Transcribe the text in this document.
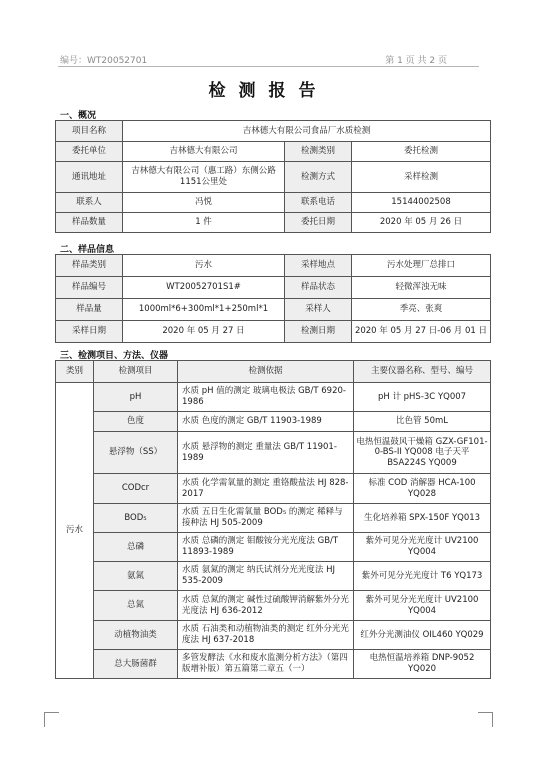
编号：WT20052701	第 1 页 共 2 页
检测报告
一、概况
项目名称	吉林德大有限公司食品厂水质检测		
委托单位	吉林德大有限公司	检测类别	委托检测
通讯地址	吉林德大有限公司（惠工路）东侧公路1151公里处	检测方式	采样检测
联系人	冯悦	联系电话	15144002508
样品数量	1 件	委托日期	2020 年 05 月 26 日
二、样品信息
样品类别	污水	采样地点	污水处理厂总排口
样品编号	WT20052701S1#	样品状态	轻微浑浊无味
样品量	1000ml*6+300ml*1+250ml*1	采样人	季亮、张爽
采样日期	2020 年 05 月 27 日	检测日期	2020 年 05 月 27 日-06 月 01 日
三、检测项目、方法、仪器
类别	检测项目	检测依据	主要仪器名称、型号、编号
污水	pH	水质 pH 值的测定 玻璃电极法 GB/T 6920-1986	pH 计 pHS-3C YQ007
	色度	水质 色度的测定 GB/T 11903-1989	比色管 50mL
	悬浮物（SS）	水质 悬浮物的测定 重量法 GB/T 11901-1989	电热恒温鼓风干燥箱 GZX-GF101-0-BS-II YQ008 电子天平 BSA224S YQ009
	CODcr	水质 化学需氧量的测定 重铬酸盐法 HJ 828-2017	标准 COD 消解器 HCA-100 YQ028
	BOD₅	水质 五日生化需氧量 BOD₅ 的测定 稀释与接种法 HJ 505-2009	生化培养箱 SPX-150F YQ013
	总磷	水质 总磷的测定 钼酸铵分光光度法 GB/T 11893-1989	紫外可见分光光度计 UV2100 YQ004
	氨氮	水质 氨氮的测定 纳氏试剂分光光度法 HJ 535-2009	紫外可见分光光度计 T6 YQ173
	总氮	水质 总氮的测定 碱性过硫酸钾消解紫外分光光度法 HJ 636-2012	紫外可见分光光度计 UV2100 YQ004
	动植物油类	水质 石油类和动植物油类的测定 红外分光光度法 HJ 637-2018	红外分光测油仪 OIL460 YQ029
	总大肠菌群	多管发酵法《水和废水监测分析方法》（第四版增补版）第五篇第二章五（一）	电热恒温培养箱 DNP-9052 YQ020
